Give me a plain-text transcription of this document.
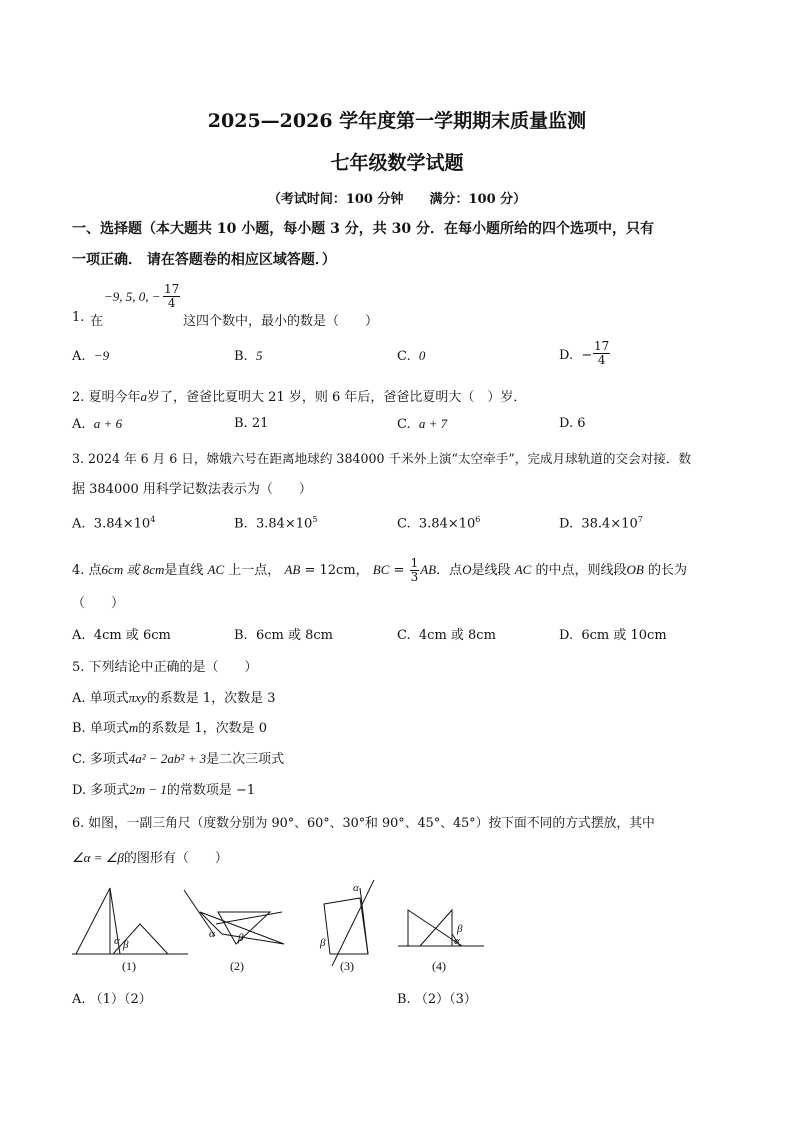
2025—2026 学年度第一学期期末质量监测
七年级数学试题
（考试时间：100 分钟　　满分：100 分）
一、选择题（本大题共 10 小题，每小题 3 分，共 30 分．在每小题所给的四个选项中，只有
一项正确． 请在答题卷的相应区域答题．）
1. 在
−9, 5, 0, − $\frac{17}{4}$
这四个数中，最小的数是（　　）
A. −9	B. 5	C. 0	D. − $\frac{17}{4}$
2. 夏明今年a岁了，爸爸比夏明大 21 岁，则 6 年后，爸爸比夏明大（　）岁．
A. a + 6	B. 21	C. a + 7	D. 6
3. 2024 年 6 月 6 日，嫦娥六号在距离地球约 384000 千米外上演“太空牵手”，完成月球轨道的交会对接．数
据 384000 用科学记数法表示为（　　）
A. $3.84\times 10^4$	B. $3.84\times 10^5$	C. $3.84\times 10^6$	D. $38.4\times 10^7$
4. 点6cm 或 8cm是直线 AC 上一点， AB = 12cm， BC = $\frac{1}{3}$ AB．点O是线段 AC 的中点，则线段OB 的长为
（　　）
A. 4cm 或 6cm	B. 6cm 或 8cm	C. 4cm 或 8cm	D. 6cm 或 10cm
5. 下列结论中正确的是（　　）
A. 单项式πxy的系数是 1，次数是 3
B. 单项式m的系数是 1，次数是 0
C. 多项式4a² − 2ab² + 3是二次三项式
D. 多项式2m − 1的常数项是 −1
6. 如图，一副三角尺（度数分别为 90°、60°、30°和 90°、45°、45°）按下面不同的方式摆放，其中
∠α = ∠β的图形有（　　）
α β
α β
α
β
β
α
(1)	(2)	(3)	(4)
A. （1）（2）	B. （2）（3）
